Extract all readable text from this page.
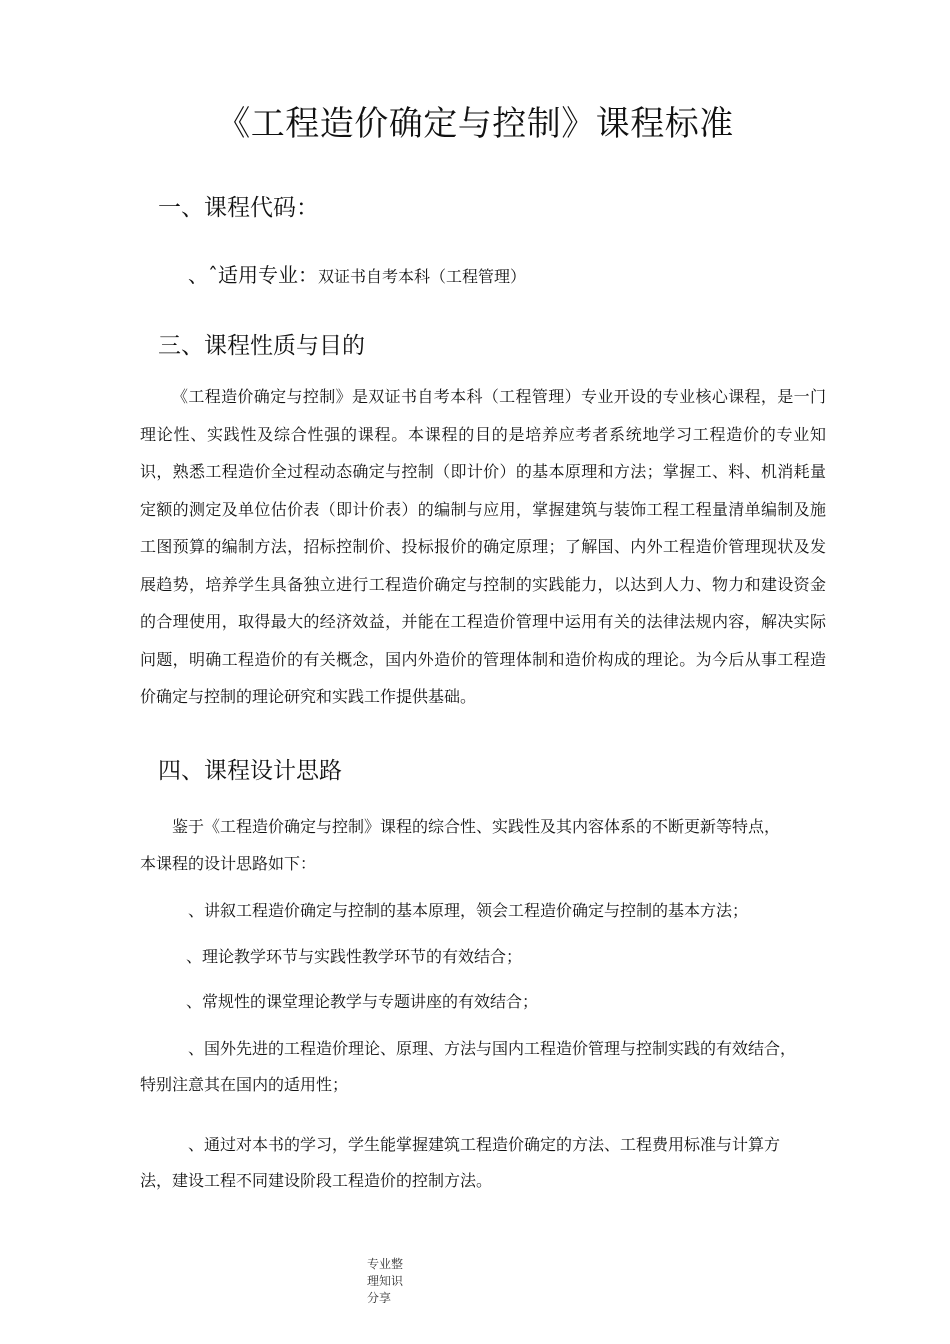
《工程造价确定与控制》课程标准
一、课程代码：
、ˆ适用专业：双证书自考本科（工程管理）
三、课程性质与目的
《工程造价确定与控制》是双证书自考本科（工程管理）专业开设的专业核心课程，是一门理论性、实践性及综合性强的课程。本课程的目的是培养应考者系统地学习工程造价的专业知识，熟悉工程造价全过程动态确定与控制（即计价）的基本原理和方法；掌握工、料、机消耗量定额的测定及单位估价表（即计价表）的编制与应用，掌握建筑与装饰工程工程量清单编制及施工图预算的编制方法，招标控制价、投标报价的确定原理；了解国、内外工程造价管理现状及发展趋势，培养学生具备独立进行工程造价确定与控制的实践能力，以达到人力、物力和建设资金的合理使用，取得最大的经济效益，并能在工程造价管理中运用有关的法律法规内容，解决实际问题，明确工程造价的有关概念，国内外造价的管理体制和造价构成的理论。为今后从事工程造价确定与控制的理论研究和实践工作提供基础。
四、课程设计思路
鉴于《工程造价确定与控制》课程的综合性、实践性及其内容体系的不断更新等特点，
本课程的设计思路如下：
、讲叙工程造价确定与控制的基本原理，领会工程造价确定与控制的基本方法；
、理论教学环节与实践性教学环节的有效结合；
、常规性的课堂理论教学与专题讲座的有效结合；
、国外先进的工程造价理论、原理、方法与国内工程造价管理与控制实践的有效结合，
特别注意其在国内的适用性；
、通过对本书的学习，学生能掌握建筑工程造价确定的方法、工程费用标准与计算方
法，建设工程不同建设阶段工程造价的控制方法。
专业整理知识分享
